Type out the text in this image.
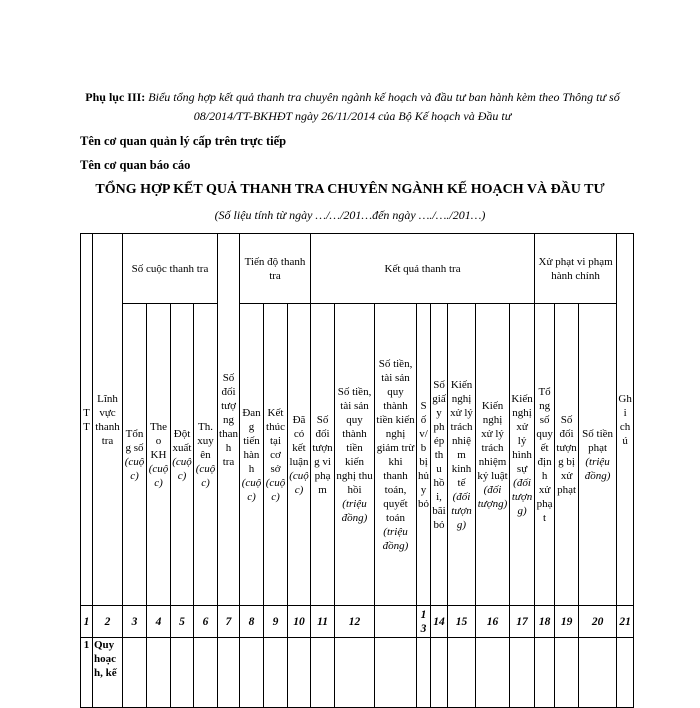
Phụ lục III: Biểu tổng hợp kết quả thanh tra chuyên ngành kế hoạch và đầu tư ban hành kèm theo Thông tư số 08/2014/TT-BKHĐT ngày 26/11/2014 của Bộ Kế hoạch và Đầu tư
Tên cơ quan quản lý cấp trên trực tiếp
Tên cơ quan báo cáo
TỔNG HỢP KẾT QUẢ THANH TRA CHUYÊN NGÀNH KẾ HOẠCH VÀ ĐẦU TƯ
(Số liệu tính từ ngày …/…/201…đến ngày …./…./201…)
TT	Lĩnh vực thanh tra	Số cuộc thanh tra				Số đối tượng thanh tra	Tiến độ thanh tra			Kết quả thanh tra								Xử phạt vi phạm hành chính			Ghi chú
		Tổng số (cuộc)	Theo KH (cuộc)	Đột xuất (cuộc)	Th. xuyên (cuộc)		Đang tiến hành (cuộc)	Kết thúc tại cơ sở (cuộc)	Đã có kết luận (cuộc)	Số đối tượng vi phạm	Số tiền, tài sản quy thành tiền kiến nghị thu hồi (triệu đồng)	Số tiền, tài sản quy thành tiền kiến nghị giảm trừ khi thanh toán, quyết toán (triệu đồng)	Số v/b bị hủy bỏ	Số giấy phép thu hồi, bãi bỏ	Kiến nghị xử lý trách nhiệm kinh tế (đối tượng)	Kiến nghị xử lý trách nhiệm kỷ luật (đối tượng)	Kiến nghị xử lý hình sự (đối tượng)	Tổng số quyết định xử phạt	Số đối tượng bị xử phạt	Số tiền phạt (triệu đồng)	
1	2	3	4	5	6	7	8	9	10	11	12		13	14	15	16	17	18	19	20	21
1	Quy hoạch, kế																				
